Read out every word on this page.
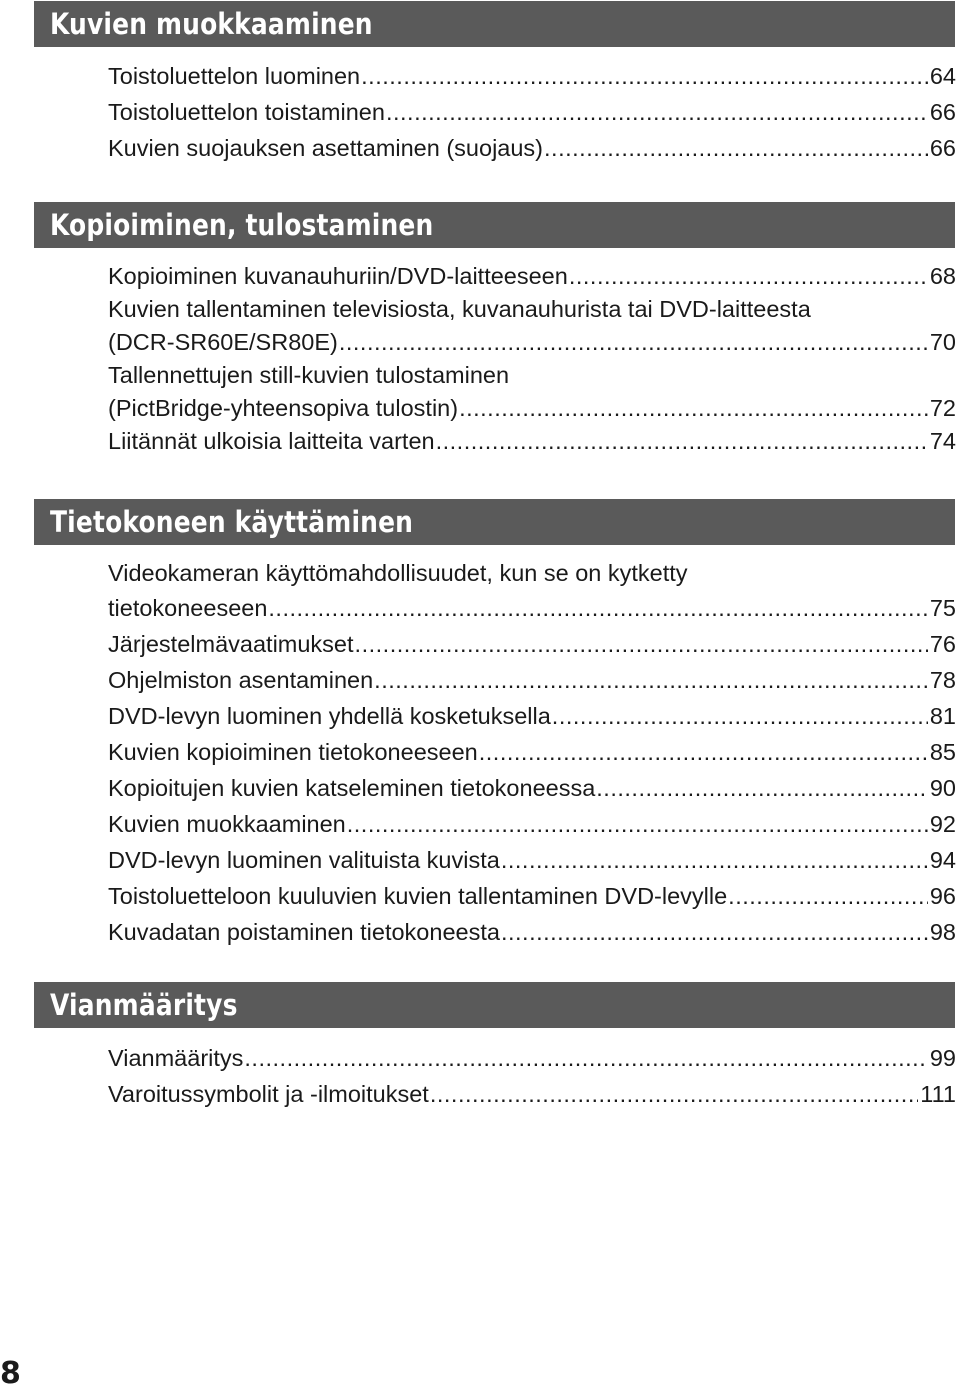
Kuvien muokkaaminen
Toistoluettelon luominen .....	64
Toistoluettelon toistaminen .....	66
Kuvien suojauksen asettaminen (suojaus) .....	66
Kopioiminen, tulostaminen
Kopioiminen kuvanauhuriin/DVD-laitteeseen .....	68
Kuvien tallentaminen televisiosta, kuvanauhurista tai DVD-laitteesta
(DCR-SR60E/SR80E) .....	70
Tallennettujen still-kuvien tulostaminen
(PictBridge-yhteensopiva tulostin) .....	72
Liitännät ulkoisia laitteita varten .....	74
Tietokoneen käyttäminen
Videokameran käyttömahdollisuudet, kun se on kytketty
tietokoneeseen .....	75
Järjestelmävaatimukset .....	76
Ohjelmiston asentaminen .....	78
DVD-levyn luominen yhdellä kosketuksella .....	81
Kuvien kopioiminen tietokoneeseen .....	85
Kopioitujen kuvien katseleminen tietokoneessa .....	90
Kuvien muokkaaminen .....	92
DVD-levyn luominen valituista kuvista .....	94
Toistoluetteloon kuuluvien kuvien tallentaminen DVD-levylle .....	96
Kuvadatan poistaminen tietokoneesta .....	98
Vianmääritys
Vianmääritys .....	99
Varoitussymbolit ja -ilmoitukset .....	111
8
